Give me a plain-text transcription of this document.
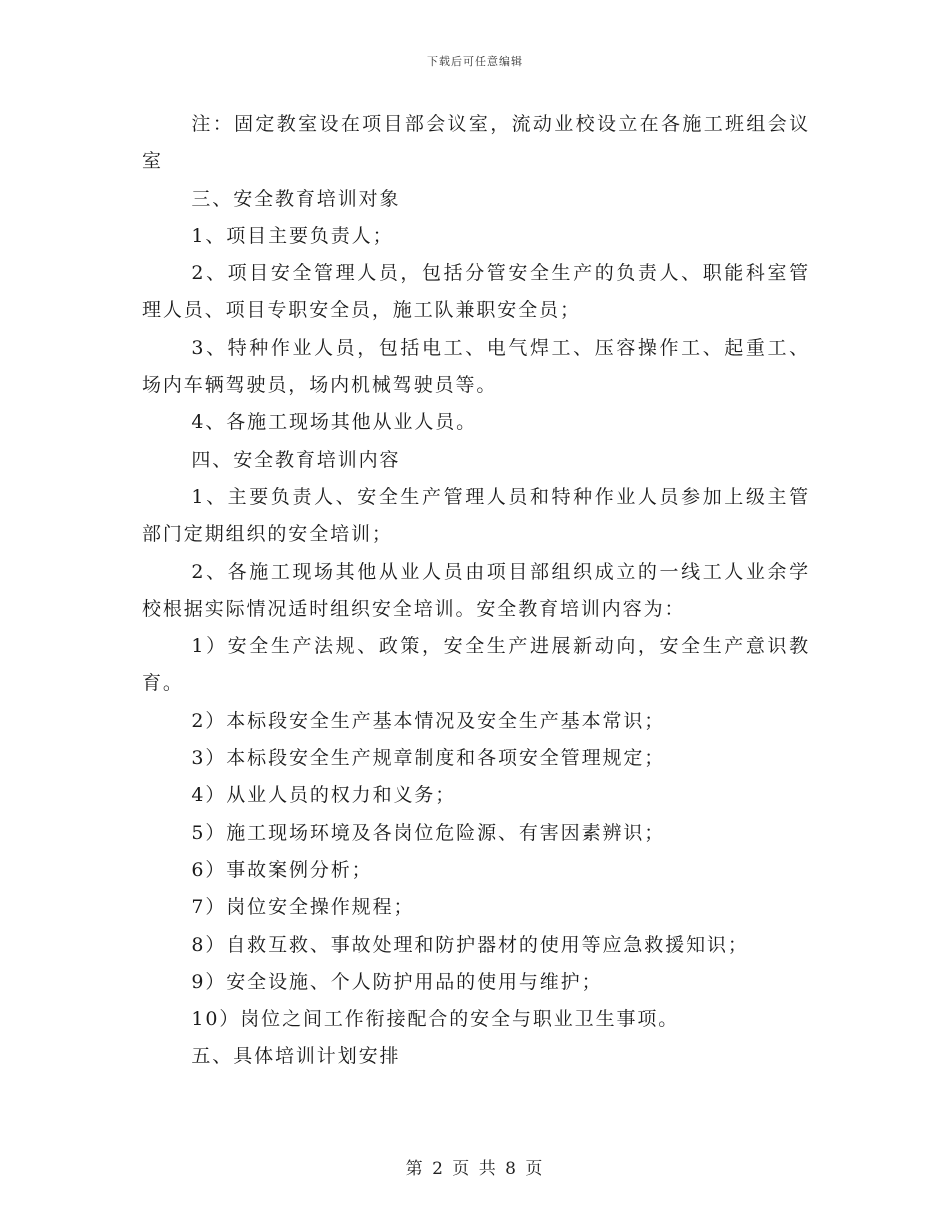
下载后可任意编辑

注：固定教室设在项目部会议室，流动业校设立在各施工班组会议室

三、安全教育培训对象

1、项目主要负责人；

2、项目安全管理人员，包括分管安全生产的负责人、职能科室管理人员、项目专职安全员，施工队兼职安全员；

3、特种作业人员，包括电工、电气焊工、压容操作工、起重工、场内车辆驾驶员，场内机械驾驶员等。

4、各施工现场其他从业人员。

四、安全教育培训内容

1、主要负责人、安全生产管理人员和特种作业人员参加上级主管部门定期组织的安全培训；

2、各施工现场其他从业人员由项目部组织成立的一线工人业余学校根据实际情况适时组织安全培训。安全教育培训内容为：

1）安全生产法规、政策，安全生产进展新动向，安全生产意识教育。

2）本标段安全生产基本情况及安全生产基本常识；

3）本标段安全生产规章制度和各项安全管理规定；

4）从业人员的权力和义务；

5）施工现场环境及各岗位危险源、有害因素辨识；

6）事故案例分析；

7）岗位安全操作规程；

8）自救互救、事故处理和防护器材的使用等应急救援知识；

9）安全设施、个人防护用品的使用与维护；

10）岗位之间工作衔接配合的安全与职业卫生事项。

五、具体培训计划安排

第 2 页 共 8 页
